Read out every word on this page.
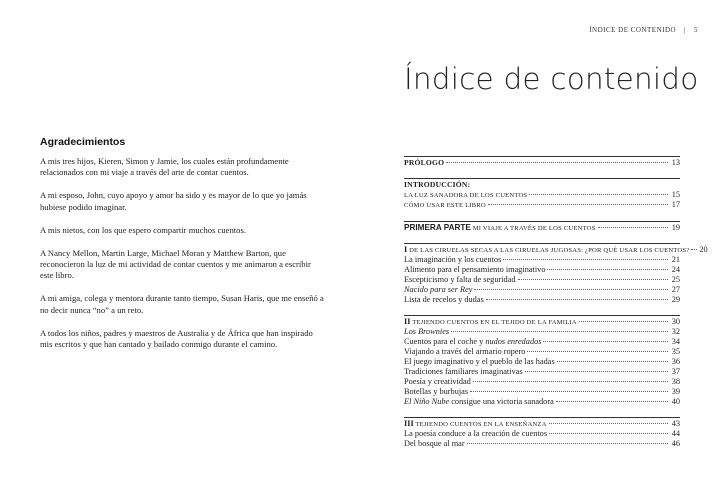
Agradecimientos

A mis tres hijos, Kieren, Simon y Jamie, los cuales están profundamente relacionados con mi viaje a través del arte de contar cuentos.

A mi esposo, John, cuyo apoyo y amor ha sido y es mayor de lo que yo jamás hubiese podido imaginar.

A mis nietos, con los que espero compartir muchos cuentos.

A Nancy Mellon, Martin Large, Michael Moran y Matthew Barton, que reconocieron la luz de mi actividad de contar cuentos y me animaron a escribir este libro.

A mi amiga, colega y mentora durante tanto tiempo, Susan Haris, que me enseñó a no decir nunca “no” a un reto.

A todos los niños, padres y maestros de Australia y de África que han inspirado mis escritos y que han cantado y bailado conmigo durante el camino.

ÍNDICE DE CONTENIDO | 5
Índice de contenido
PRÓLOGO	13
INTRODUCCIÓN:
LA LUZ SANADORA DE LOS CUENTOS	15
CÓMO USAR ESTE LIBRO	17
PRIMERA PARTE MI VIAJE A TRAVÉS DE LOS CUENTOS	19
I DE LAS CIRUELAS SECAS A LAS CIRUELAS JUGOSAS: ¿POR QUÉ USAR LOS CUENTOS? 20
La imaginación y los cuentos	21
Alimento para el pensamiento imaginativo	24
Escepticismo y falta de seguridad	25
Nacido para ser Rey	27
Lista de recelos y dudas	29
II TEJIENDO CUENTOS EN EL TEJIDO DE LA FAMILIA	30
Los Brownies	32
Cuentos para el coche y nudos enredados	34
Viajando a través del armario ropero	35
El juego imaginativo y el pueblo de las hadas	36
Tradiciones familiares imaginativas	37
Poesía y creatividad	38
Botellas y burbujas	39
El Niño Nube consigue una victoria sanadora	40
III TEJIENDO CUENTOS EN LA ENSEÑANZA	43
La poesía conduce a la creación de cuentos	44
Del bosque al mar	46
